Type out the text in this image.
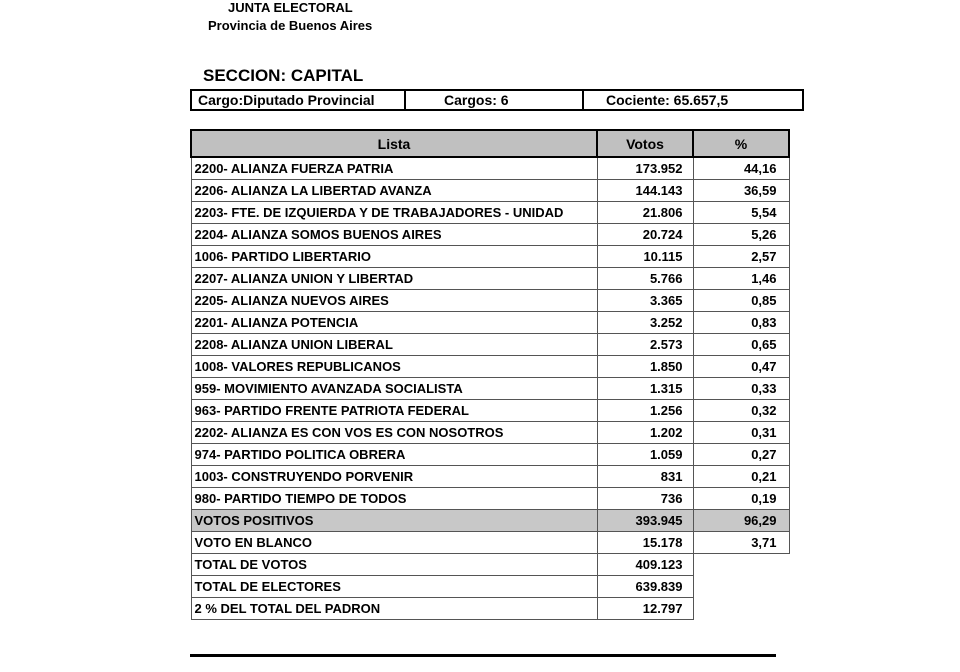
JUNTA ELECTORAL
Provincia de Buenos Aires
SECCION: CAPITAL
Cargo:Diputado Provincial	Cargos: 6	Cociente: 65.657,5
Lista	Votos	%
2200- ALIANZA FUERZA PATRIA	173.952	44,16
2206- ALIANZA LA LIBERTAD AVANZA	144.143	36,59
2203- FTE. DE IZQUIERDA Y DE TRABAJADORES - UNIDAD	21.806	5,54
2204- ALIANZA SOMOS BUENOS AIRES	20.724	5,26
1006- PARTIDO LIBERTARIO	10.115	2,57
2207- ALIANZA UNION Y LIBERTAD	5.766	1,46
2205- ALIANZA NUEVOS AIRES	3.365	0,85
2201- ALIANZA POTENCIA	3.252	0,83
2208- ALIANZA UNION LIBERAL	2.573	0,65
1008- VALORES REPUBLICANOS	1.850	0,47
959- MOVIMIENTO AVANZADA SOCIALISTA	1.315	0,33
963- PARTIDO FRENTE PATRIOTA FEDERAL	1.256	0,32
2202- ALIANZA ES CON VOS ES CON NOSOTROS	1.202	0,31
974- PARTIDO POLITICA OBRERA	1.059	0,27
1003- CONSTRUYENDO PORVENIR	831	0,21
980- PARTIDO TIEMPO DE TODOS	736	0,19
VOTOS POSITIVOS	393.945	96,29
VOTO EN BLANCO	15.178	3,71
TOTAL DE VOTOS	409.123	
TOTAL DE ELECTORES	639.839	
2 % DEL TOTAL DEL PADRON	12.797	
